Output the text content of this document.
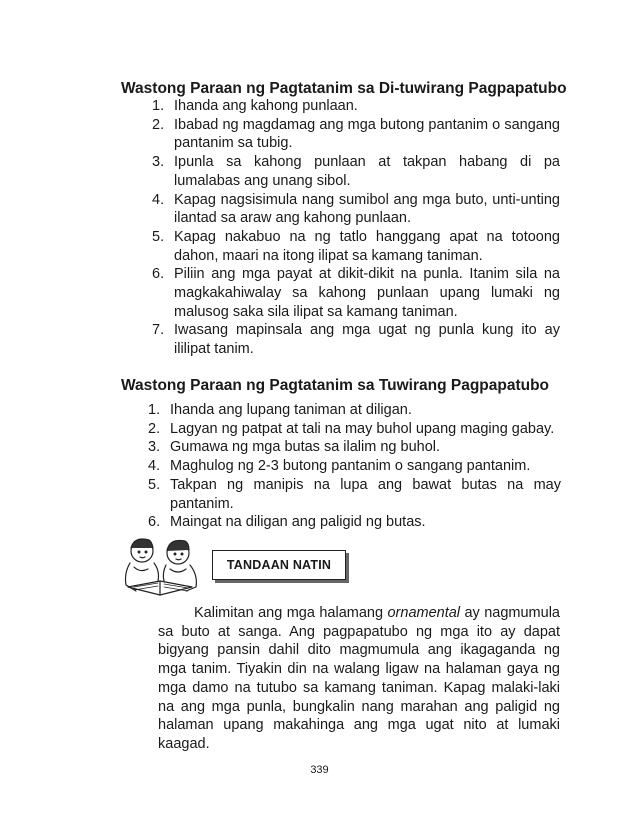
Wastong Paraan ng Pagtatanim sa Di-tuwirang Pagpapatubo
1. Ihanda ang kahong punlaan.
2. Ibabad ng magdamag ang mga butong pantanim o sangang pantanim sa tubig.
3. Ipunla sa kahong punlaan at takpan habang di pa lumalabas ang unang sibol.
4. Kapag nagsisimula nang sumibol ang mga buto, unti-unting ilantad sa araw ang kahong punlaan.
5. Kapag nakabuo na ng tatlo hanggang apat na totoong dahon, maari na itong ilipat sa kamang taniman.
6. Piliin ang mga payat at dikit-dikit na punla. Itanim sila na magkakahiwalay sa kahong punlaan upang lumaki ng malusog saka sila ilipat sa kamang taniman.
7. Iwasang mapinsala ang mga ugat ng punla kung ito ay ililipat tanim.
Wastong Paraan ng Pagtatanim sa Tuwirang Pagpapatubo
1. Ihanda ang lupang taniman at diligan.
2. Lagyan ng patpat at tali na may buhol upang maging gabay.
3. Gumawa ng mga butas sa ilalim ng buhol.
4. Maghulog ng 2-3 butong pantanim o sangang pantanim.
5. Takpan ng manipis na lupa ang bawat butas na may pantanim.
6. Maingat na diligan ang paligid ng butas.
TANDAAN NATIN

Kalimitan ang mga halamang ornamental ay nagmumula sa buto at sanga. Ang pagpapatubo ng mga ito ay dapat bigyang pansin dahil dito magmumula ang ikagaganda ng mga tanim. Tiyakin din na walang ligaw na halaman gaya ng mga damo na tutubo sa kamang taniman. Kapag malaki-laki na ang mga punla, bungkalin nang marahan ang paligid ng halaman upang makahinga ang mga ugat nito at lumaki kaagad.

339
